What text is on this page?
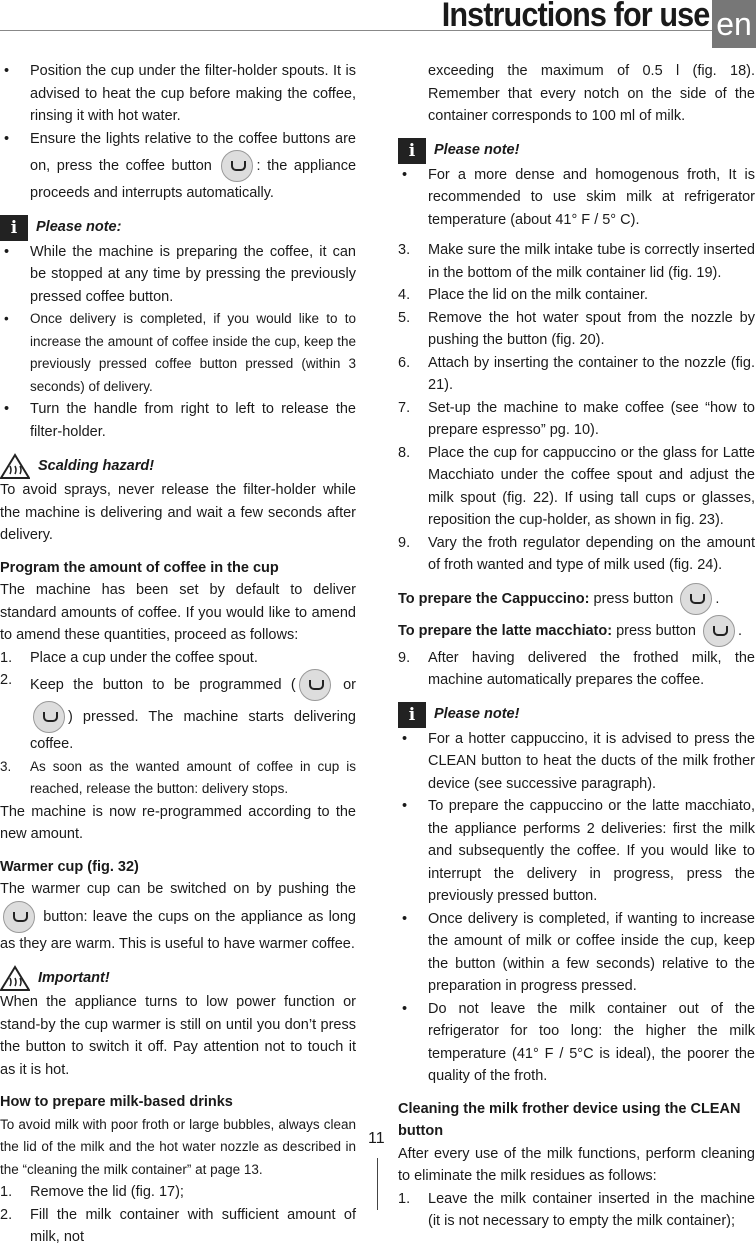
Instructions for use en
• Position the cup under the filter-holder spouts. It is advised to heat the cup before making the coffee, rinsing it with hot water.
• Ensure the lights relative to the coffee buttons are on, press the coffee button	: the appliance proceeds and interrupts automatically.
i	Please note:
• While the machine is preparing the coffee, it can be stopped at any time by pressing the previously pressed coffee button.
• Once delivery is completed, if you would like to to increase the amount of coffee inside the cup, keep the previously pressed coffee button pressed (within 3 seconds) of delivery.
• Turn the handle from right to left to release the filter-holder.
Scalding hazard!

To avoid sprays, never release the filter-holder while the machine is delivering and wait a few seconds after delivery.

Program the amount of coffee in the cup

The machine has been set by default to deliver standard amounts of coffee. If you would like to amend to amend these quantities, proceed as follows:

1. Place a cup under the coffee spout.
2. Keep the button to be programmed (	or ) pressed. The machine starts delivering coffee.
3. As soon as the wanted amount of coffee in cup is reached, release the button: delivery stops.

The machine is now re-programmed according to the new amount.

Warmer cup (fig. 32)

The warmer cup can be switched on by pushing the  button: leave the cups on the appliance as long as they are warm. This is useful to have warmer coffee.

Important!

When the appliance turns to low power function or stand-by the cup warmer is still on until you don’t press the button to switch it off. Pay attention not to touch it as it is hot.

How to prepare milk-based drinks

To avoid milk with poor froth or large bubbles, always clean the lid of the milk and the hot water nozzle as described in the “cleaning the milk container” at page 13.

1. Remove the lid (fig. 17);
2. Fill the milk container with sufficient amount of milk, not

exceeding the maximum of 0.5 l (fig. 18). Remember that every notch on the side of the container corresponds to 100 ml of milk.

i	Please note!
• For a more dense and homogenous froth, It is recommended to use skim milk at refrigerator temperature (about 41° F / 5° C).
3. Make sure the milk intake tube is correctly inserted in the bottom of the milk container lid (fig. 19).
4. Place the lid on the milk container.
5. Remove the hot water spout from the nozzle by pushing the button (fig. 20).
6. Attach by inserting the container to the nozzle (fig. 21).
7. Set-up the machine to make coffee (see “how to prepare espresso” pg. 10).
8. Place the cup for cappuccino or the glass for Latte Macchiato under the coffee spout and adjust the milk spout (fig. 22). If using tall cups or glasses, reposition the cup-holder, as shown in fig. 23).
9. Vary the froth regulator depending on the amount of froth wanted and type of milk used (fig. 24).
To prepare the Cappuccino: press button	.
To prepare the latte macchiato: press button	.
9. After having delivered the frothed milk, the machine automatically prepares the coffee.
i	Please note!
• For a hotter cappuccino, it is advised to press the CLEAN button to heat the ducts of the milk frother device (see successive paragraph).
• To prepare the cappuccino or the latte macchiato, the appliance performs 2 deliveries: first the milk and subsequently the coffee. If you would like to interrupt the delivery in progress, press the previously pressed button.
• Once delivery is completed, if wanting to increase the amount of milk or coffee inside the cup, keep the button (within a few seconds) relative to the preparation in progress pressed.
• Do not leave the milk container out of the refrigerator for too long: the higher the milk temperature (41° F / 5°C is ideal), the poorer the quality of the froth.
Cleaning the milk frother device using the CLEAN button

After every use of the milk functions, perform cleaning to eliminate the milk residues as follows:

1. Leave the milk container inserted in the machine (it is not necessary to empty the milk container);
11
